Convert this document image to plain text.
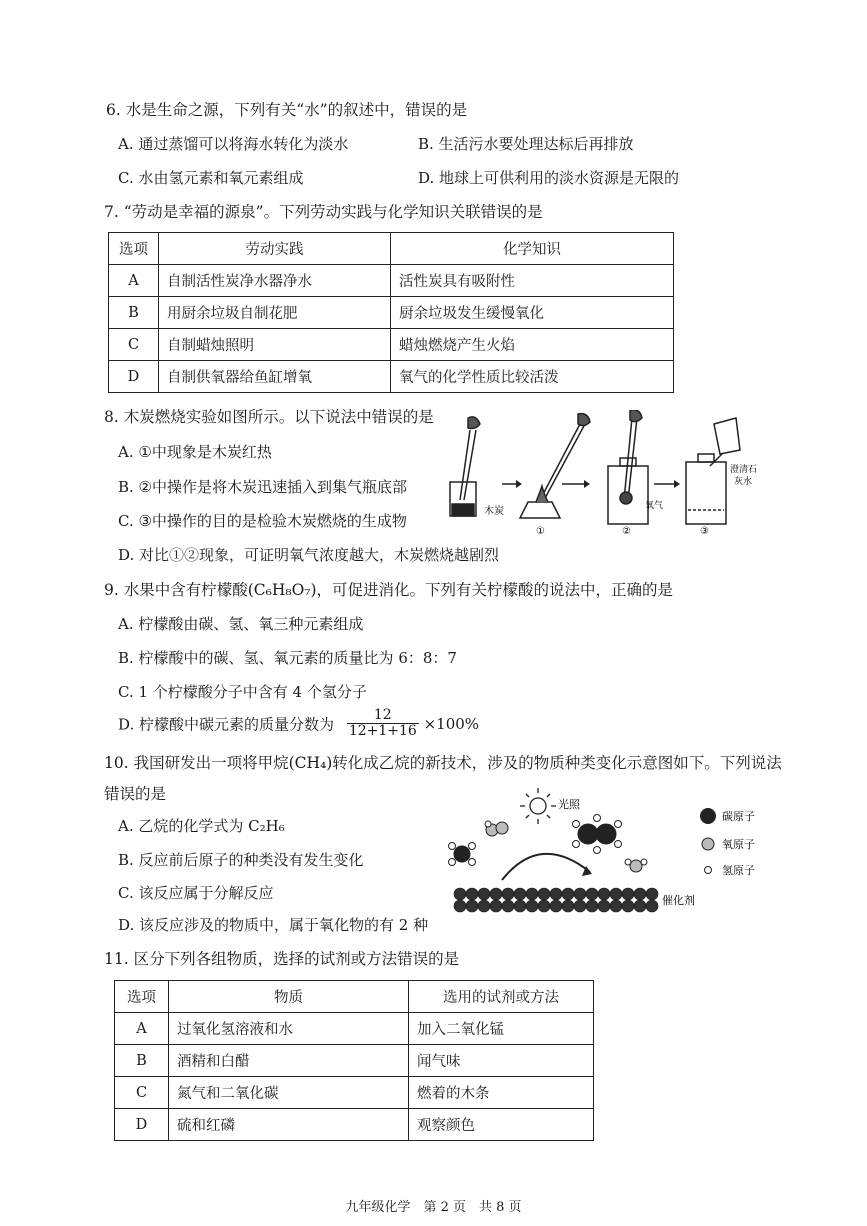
6. 水是生命之源，下列有关“水”的叙述中，错误的是
A. 通过蒸馏可以将海水转化为淡水	B. 生活污水要处理达标后再排放
C. 水由氢元素和氧元素组成	D. 地球上可供利用的淡水资源是无限的
7. “劳动是幸福的源泉”。下列劳动实践与化学知识关联错误的是
选项	劳动实践	化学知识
A	自制活性炭净水器净水	活性炭具有吸附性
B	用厨余垃圾自制花肥	厨余垃圾发生缓慢氧化
C	自制蜡烛照明	蜡烛燃烧产生火焰
D	自制供氧器给鱼缸增氧	氧气的化学性质比较活泼
8. 木炭燃烧实验如图所示。以下说法中错误的是
A. ①中现象是木炭红热
B. ②中操作是将木炭迅速插入到集气瓶底部
C. ③中操作的目的是检验木炭燃烧的生成物
D. 对比①②现象，可证明氧气浓度越大，木炭燃烧越剧烈
木炭
①
氧气
②
澄清石
灰水
③
9. 水果中含有柠檬酸(C₆H₈O₇)，可促进消化。下列有关柠檬酸的说法中，正确的是
A. 柠檬酸由碳、氢、氧三种元素组成
B. 柠檬酸中的碳、氢、氧元素的质量比为 6：8：7
C. 1 个柠檬酸分子中含有 4 个氢分子
D. 柠檬酸中碳元素的质量分数为 $\frac{12}{12+1+16} \times 100\%$
10. 我国研发出一项将甲烷(CH₄)转化成乙烷的新技术，涉及的物质种类变化示意图如下。下列说法
错误的是
A. 乙烷的化学式为 C₂H₆
B. 反应前后原子的种类没有发生变化
C. 该反应属于分解反应
D. 该反应涉及的物质中，属于氧化物的有 2 种
光照
催化剂
碳原子
氧原子
氢原子
11. 区分下列各组物质，选择的试剂或方法错误的是
选项	物质	选用的试剂或方法
A	过氧化氢溶液和水	加入二氧化锰
B	酒精和白醋	闻气味
C	氮气和二氧化碳	燃着的木条
D	硫和红磷	观察颜色
九年级化学　第 2 页　共 8 页
